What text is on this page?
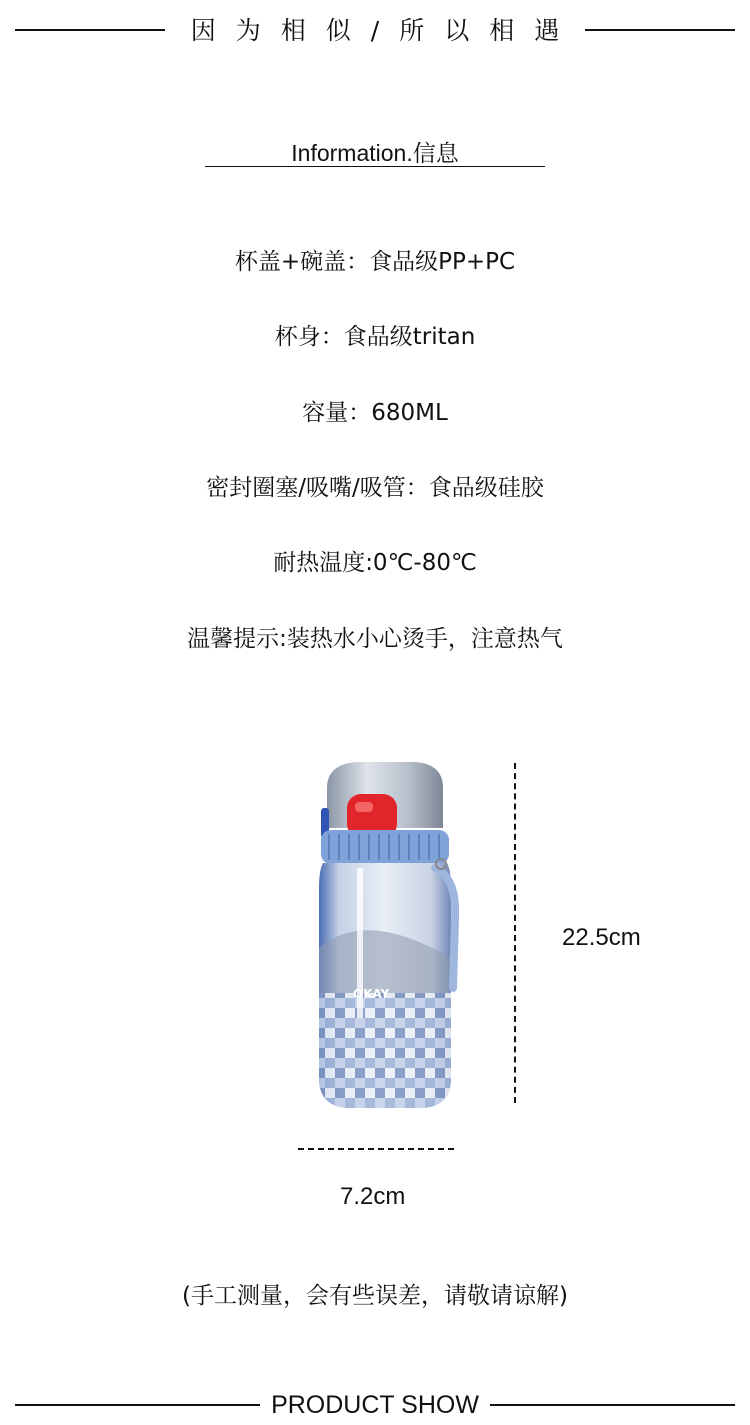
因为相似/所以相遇
Information.信息
杯盖+碗盖：食品级PP+PC
杯身：食品级tritan
容量：680ML
密封圈塞/吸嘴/吸管：食品级硅胶
耐热温度:0℃-80℃
温馨提示:装热水小心烫手，注意热气
OKAY
22.5cm
7.2cm
(手工测量，会有些误差，请敬请谅解)
PRODUCT SHOW
